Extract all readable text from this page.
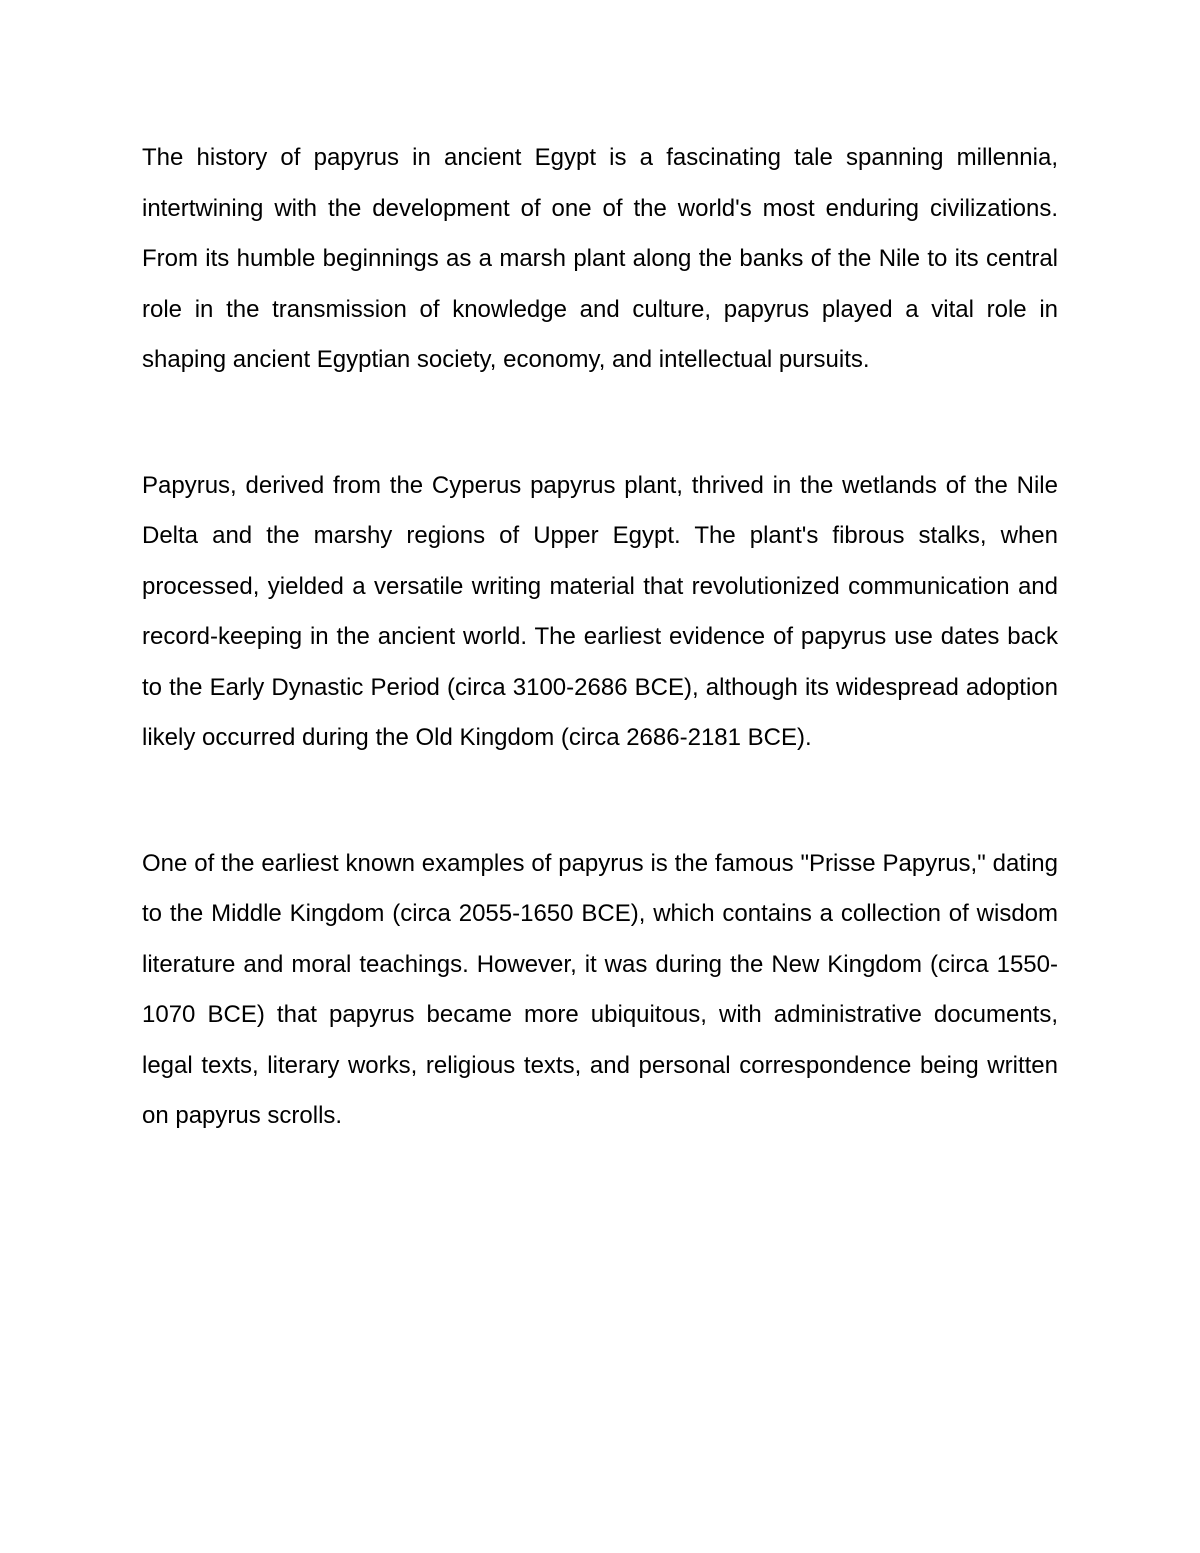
The history of papyrus in ancient Egypt is a fascinating tale spanning millennia, intertwining with the development of one of the world's most enduring civilizations. From its humble beginnings as a marsh plant along the banks of the Nile to its central role in the transmission of knowledge and culture, papyrus played a vital role in shaping ancient Egyptian society, economy, and intellectual pursuits.

Papyrus, derived from the Cyperus papyrus plant, thrived in the wetlands of the Nile Delta and the marshy regions of Upper Egypt. The plant's fibrous stalks, when processed, yielded a versatile writing material that revolutionized communication and record-keeping in the ancient world. The earliest evidence of papyrus use dates back to the Early Dynastic Period (circa 3100-2686 BCE), although its widespread adoption likely occurred during the Old Kingdom (circa 2686-2181 BCE).

One of the earliest known examples of papyrus is the famous "Prisse Papyrus," dating to the Middle Kingdom (circa 2055-1650 BCE), which contains a collection of wisdom literature and moral teachings. However, it was during the New Kingdom (circa 1550-1070 BCE) that papyrus became more ubiquitous, with administrative documents, legal texts, literary works, religious texts, and personal correspondence being written on papyrus scrolls.
